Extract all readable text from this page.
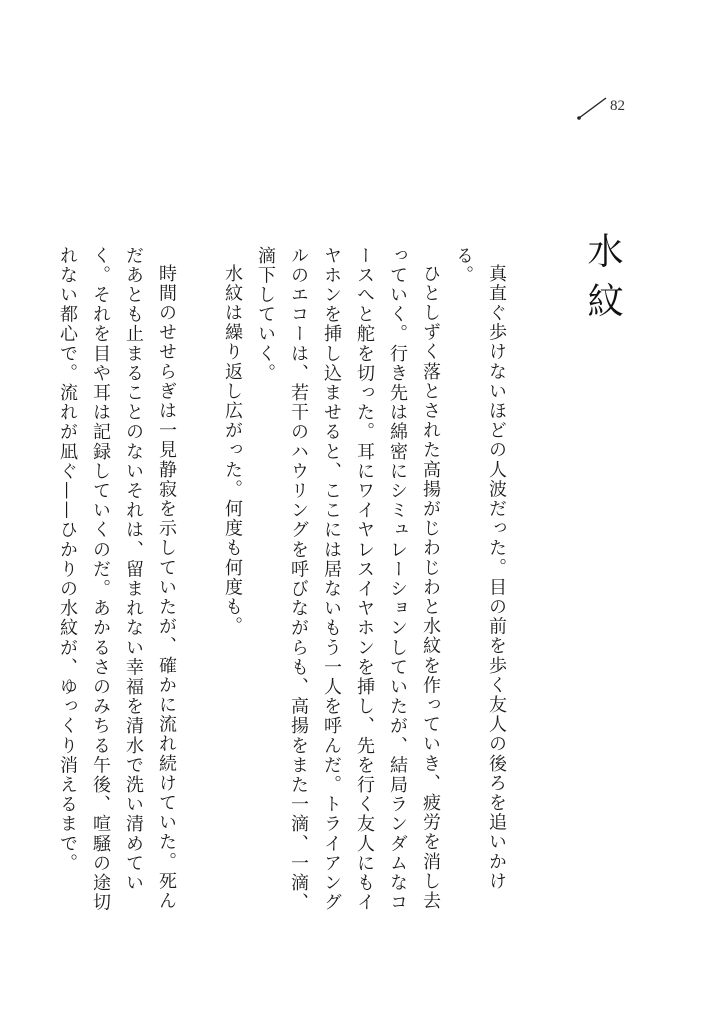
82
水紋

真直ぐ歩けないほどの人波だった。目の前を歩く友人の後ろを追いかける。

ひとしずく落とされた高揚がじわじわと水紋を作っていき、疲労を消し去っていく。行き先は綿密にシミュレーションしていたが、結局ランダムなコースへと舵を切った。耳にワイヤレスイヤホンを挿し、先を行く友人にもイヤホンを挿し込ませると、ここには居ないもう一人を呼んだ。トライアングルのエコーは、若干のハウリングを呼びながらも、高揚をまた一滴、一滴、滴下していく。

水紋は繰り返し広がった。何度も何度も。

時間のせせらぎは一見静寂を示していたが、確かに流れ続けていた。死んだあとも止まることのないそれは、留まれない幸福を清水で洗い清めていく。それを目や耳は記録していくのだ。あかるさのみちる午後、喧騒の途切れない都心で。流れが凪ぐ——ひかりの水紋が、ゆっくり消えるまで。
